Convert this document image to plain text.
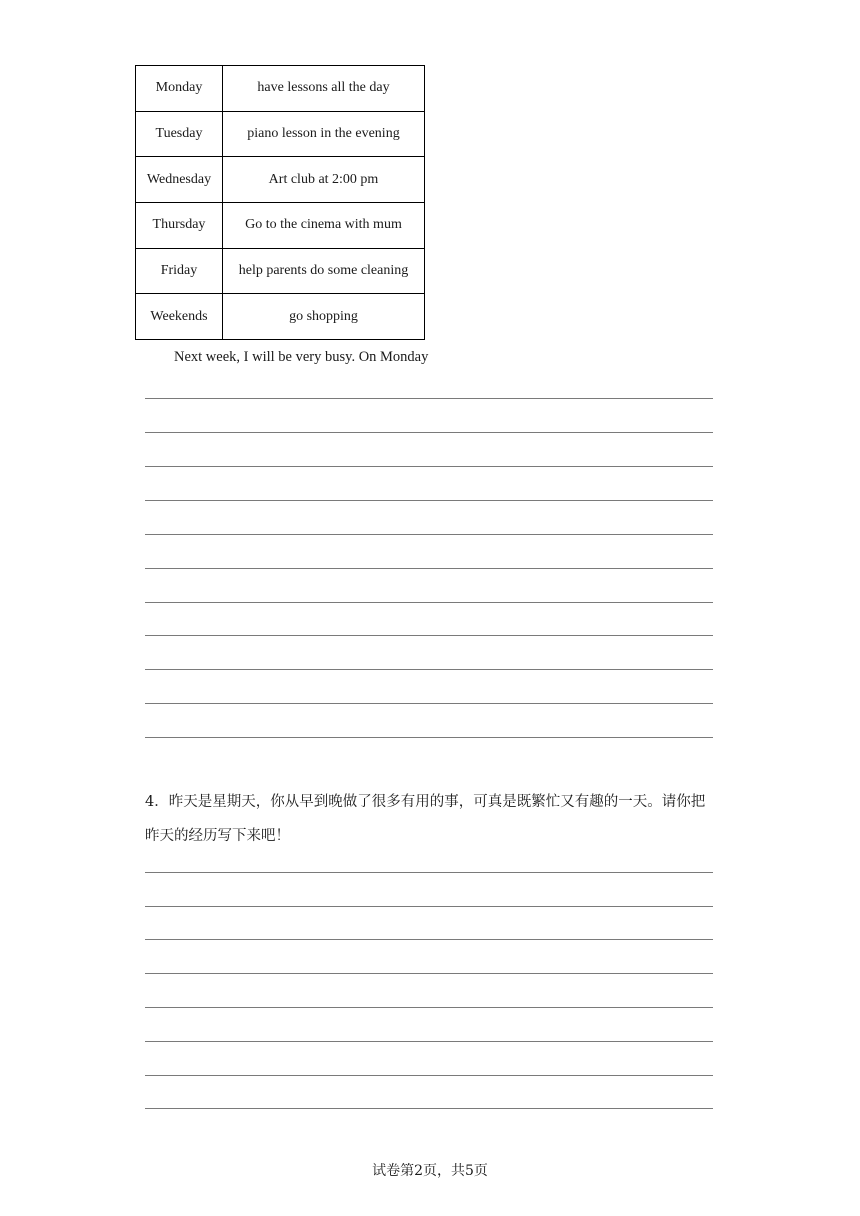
Monday	have lessons all the day
Tuesday	piano lesson in the evening
Wednesday	Art club at 2:00 pm
Thursday	Go to the cinema with mum
Friday	help parents do some cleaning
Weekends	go shopping
Next week, I will be very busy. On Monday
4．昨天是星期天，你从早到晚做了很多有用的事，可真是既繁忙又有趣的一天。请你把昨天的经历写下来吧！
试卷第2页，共5页
